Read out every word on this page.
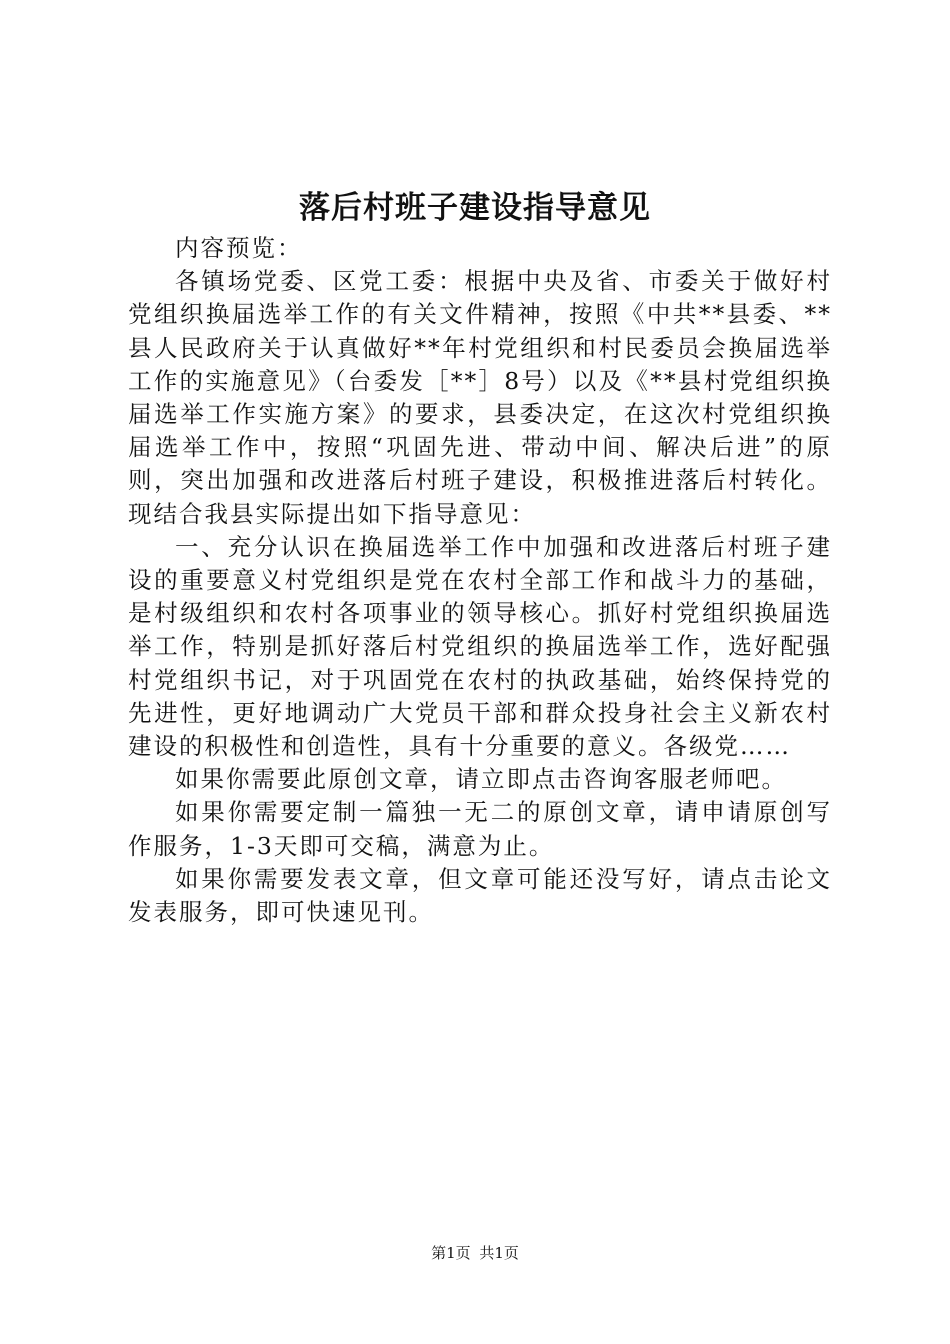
落后村班子建设指导意见

内容预览：

各镇场党委、区党工委：根据中央及省、市委关于做好村党组织换届选举工作的有关文件精神，按照《中共**县委、**县人民政府关于认真做好**年村党组织和村民委员会换届选举工作的实施意见》（台委发［**］8号）以及《**县村党组织换届选举工作实施方案》的要求，县委决定，在这次村党组织换届选举工作中，按照“巩固先进、带动中间、解决后进”的原则，突出加强和改进落后村班子建设，积极推进落后村转化。现结合我县实际提出如下指导意见：

一、充分认识在换届选举工作中加强和改进落后村班子建设的重要意义村党组织是党在农村全部工作和战斗力的基础，是村级组织和农村各项事业的领导核心。抓好村党组织换届选举工作，特别是抓好落后村党组织的换届选举工作，选好配强村党组织书记，对于巩固党在农村的执政基础，始终保持党的先进性，更好地调动广大党员干部和群众投身社会主义新农村建设的积极性和创造性，具有十分重要的意义。各级党……

如果你需要此原创文章，请立即点击咨询客服老师吧。

如果你需要定制一篇独一无二的原创文章，请申请原创写作服务，1-3天即可交稿，满意为止。

如果你需要发表文章，但文章可能还没写好，请点击论文发表服务，即可快速见刊。

第1页 共1页
